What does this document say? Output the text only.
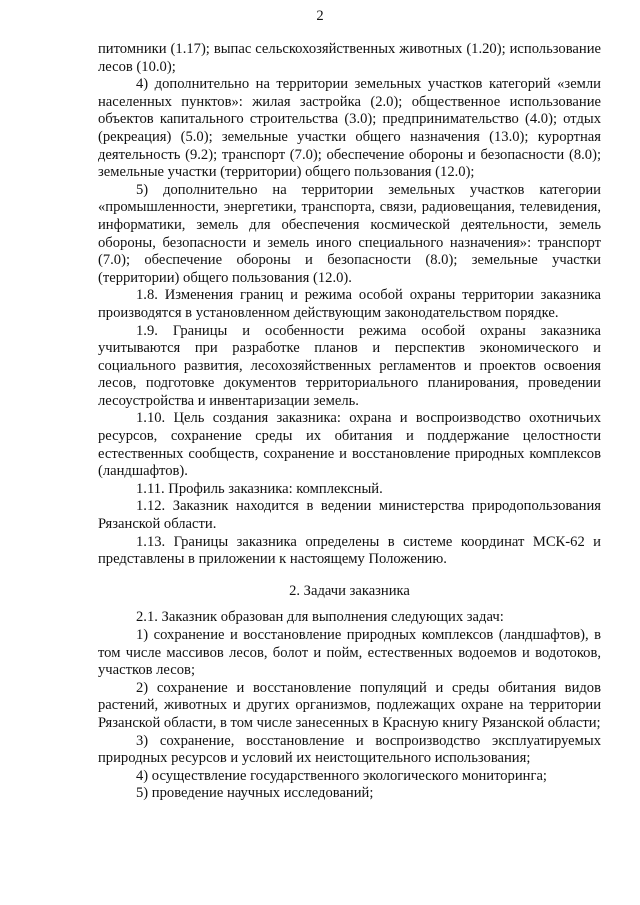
2

питомники (1.17); выпас сельскохозяйственных животных (1.20); использование лесов (10.0);

4) дополнительно на территории земельных участков категорий «земли населенных пунктов»: жилая застройка (2.0); общественное использование объектов капитального строительства (3.0); предпринимательство (4.0); отдых (рекреация) (5.0); земельные участки общего назначения (13.0); курортная деятельность (9.2); транспорт (7.0); обеспечение обороны и безопасности (8.0); земельные участки (территории) общего пользования (12.0);

5) дополнительно на территории земельных участков категории «промышленности, энергетики, транспорта, связи, радиовещания, телевидения, информатики, земель для обеспечения космической деятельности, земель обороны, безопасности и земель иного специального назначения»: транспорт (7.0); обеспечение обороны и безопасности (8.0); земельные участки (территории) общего пользования (12.0).

1.8. Изменения границ и режима особой охраны территории заказника производятся в установленном действующим законодательством порядке.

1.9. Границы и особенности режима особой охраны заказника учитываются при разработке планов и перспектив экономического и социального развития, лесохозяйственных регламентов и проектов освоения лесов, подготовке документов территориального планирования, проведении лесоустройства и инвентаризации земель.

1.10. Цель создания заказника: охрана и воспроизводство охотничьих ресурсов, сохранение среды их обитания и поддержание целостности естественных сообществ, сохранение и восстановление природных комплексов (ландшафтов).

1.11. Профиль заказника: комплексный.

1.12. Заказник находится в ведении министерства природопользования Рязанской области.

1.13. Границы заказника определены в системе координат МСК-62 и представлены в приложении к настоящему Положению.

2. Задачи заказника

2.1. Заказник образован для выполнения следующих задач:

1) сохранение и восстановление природных комплексов (ландшафтов), в том числе массивов лесов, болот и пойм, естественных водоемов и водотоков, участков лесов;

2) сохранение и восстановление популяций и среды обитания видов растений, животных и других организмов, подлежащих охране на территории Рязанской области, в том числе занесенных в Красную книгу Рязанской области;

3) сохранение, восстановление и воспроизводство эксплуатируемых природных ресурсов и условий их неистощительного использования;

4) осуществление государственного экологического мониторинга;

5) проведение научных исследований;
